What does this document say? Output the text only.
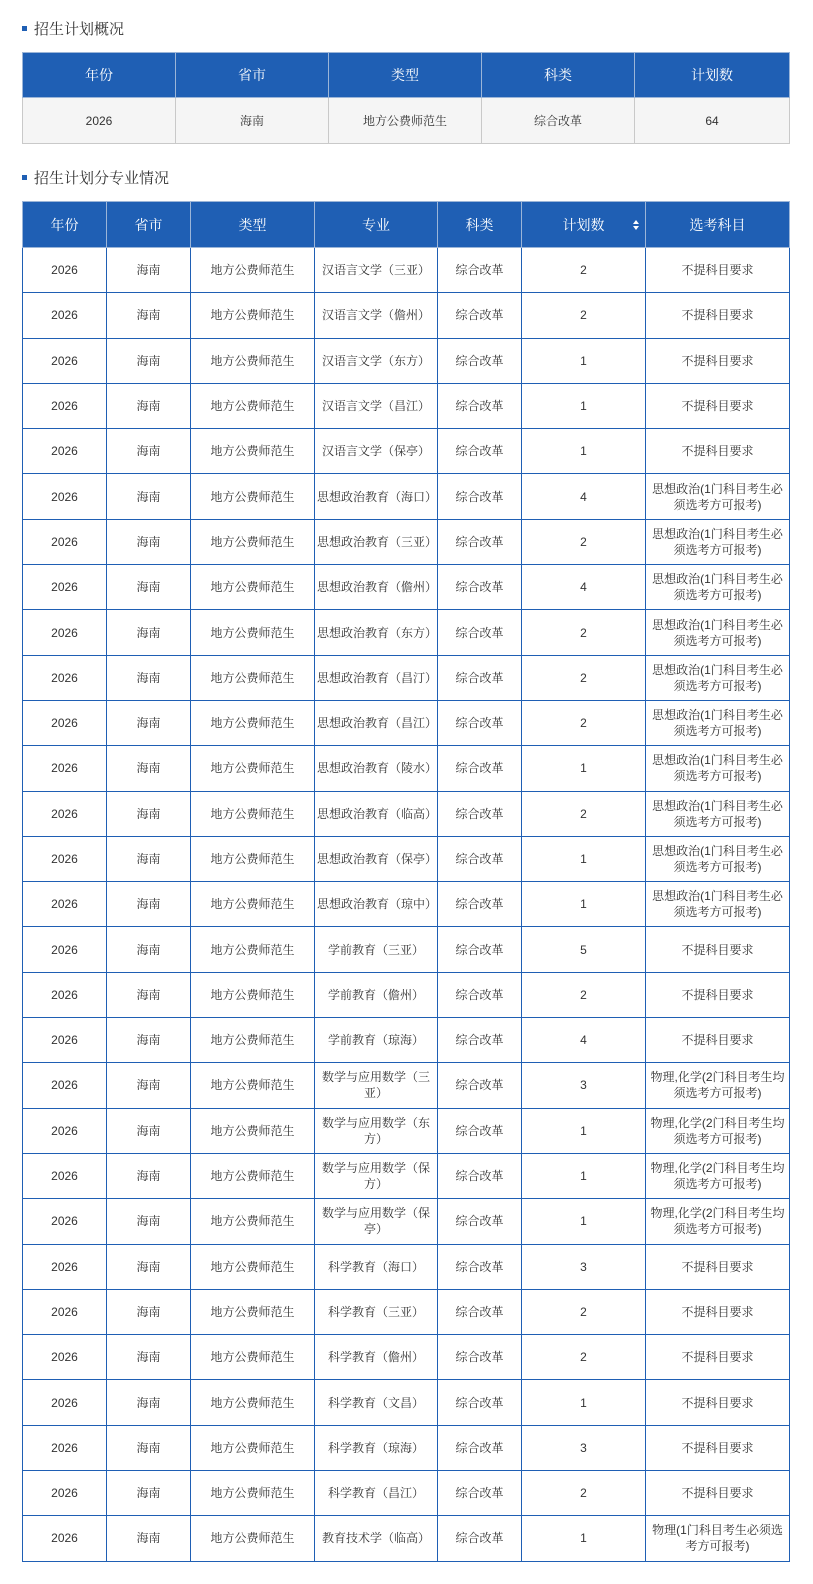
招生计划概况
年份	省市	类型	科类	计划数
2026	海南	地方公费师范生	综合改革	64
招生计划分专业情况
年份	省市	类型	专业	科类	计划数	选考科目
2026	海南	地方公费师范生	汉语言文学（三亚）	综合改革	2	不提科目要求
2026	海南	地方公费师范生	汉语言文学（儋州）	综合改革	2	不提科目要求
2026	海南	地方公费师范生	汉语言文学（东方）	综合改革	1	不提科目要求
2026	海南	地方公费师范生	汉语言文学（昌江）	综合改革	1	不提科目要求
2026	海南	地方公费师范生	汉语言文学（保亭）	综合改革	1	不提科目要求
2026	海南	地方公费师范生	思想政治教育（海口）	综合改革	4	思想政治(1门科目考生必须选考方可报考)
2026	海南	地方公费师范生	思想政治教育（三亚）	综合改革	2	思想政治(1门科目考生必须选考方可报考)
2026	海南	地方公费师范生	思想政治教育（儋州）	综合改革	4	思想政治(1门科目考生必须选考方可报考)
2026	海南	地方公费师范生	思想政治教育（东方）	综合改革	2	思想政治(1门科目考生必须选考方可报考)
2026	海南	地方公费师范生	思想政治教育（昌汀）	综合改革	2	思想政治(1门科目考生必须选考方可报考)
2026	海南	地方公费师范生	思想政治教育（昌江）	综合改革	2	思想政治(1门科目考生必须选考方可报考)
2026	海南	地方公费师范生	思想政治教育（陵水）	综合改革	1	思想政治(1门科目考生必须选考方可报考)
2026	海南	地方公费师范生	思想政治教育（临高）	综合改革	2	思想政治(1门科目考生必须选考方可报考)
2026	海南	地方公费师范生	思想政治教育（保亭）	综合改革	1	思想政治(1门科目考生必须选考方可报考)
2026	海南	地方公费师范生	思想政治教育（琼中）	综合改革	1	思想政治(1门科目考生必须选考方可报考)
2026	海南	地方公费师范生	学前教育（三亚）	综合改革	5	不提科目要求
2026	海南	地方公费师范生	学前教育（儋州）	综合改革	2	不提科目要求
2026	海南	地方公费师范生	学前教育（琼海）	综合改革	4	不提科目要求
2026	海南	地方公费师范生	数学与应用数学（三亚）	综合改革	3	物理,化学(2门科目考生均须选考方可报考)
2026	海南	地方公费师范生	数学与应用数学（东方）	综合改革	1	物理,化学(2门科目考生均须选考方可报考)
2026	海南	地方公费师范生	数学与应用数学（保方）	综合改革	1	物理,化学(2门科目考生均须选考方可报考)
2026	海南	地方公费师范生	数学与应用数学（保亭）	综合改革	1	物理,化学(2门科目考生均须选考方可报考)
2026	海南	地方公费师范生	科学教育（海口）	综合改革	3	不提科目要求
2026	海南	地方公费师范生	科学教育（三亚）	综合改革	2	不提科目要求
2026	海南	地方公费师范生	科学教育（儋州）	综合改革	2	不提科目要求
2026	海南	地方公费师范生	科学教育（文昌）	综合改革	1	不提科目要求
2026	海南	地方公费师范生	科学教育（琼海）	综合改革	3	不提科目要求
2026	海南	地方公费师范生	科学教育（昌江）	综合改革	2	不提科目要求
2026	海南	地方公费师范生	教育技术学（临高）	综合改革	1	物理(1门科目考生必须选考方可报考)
